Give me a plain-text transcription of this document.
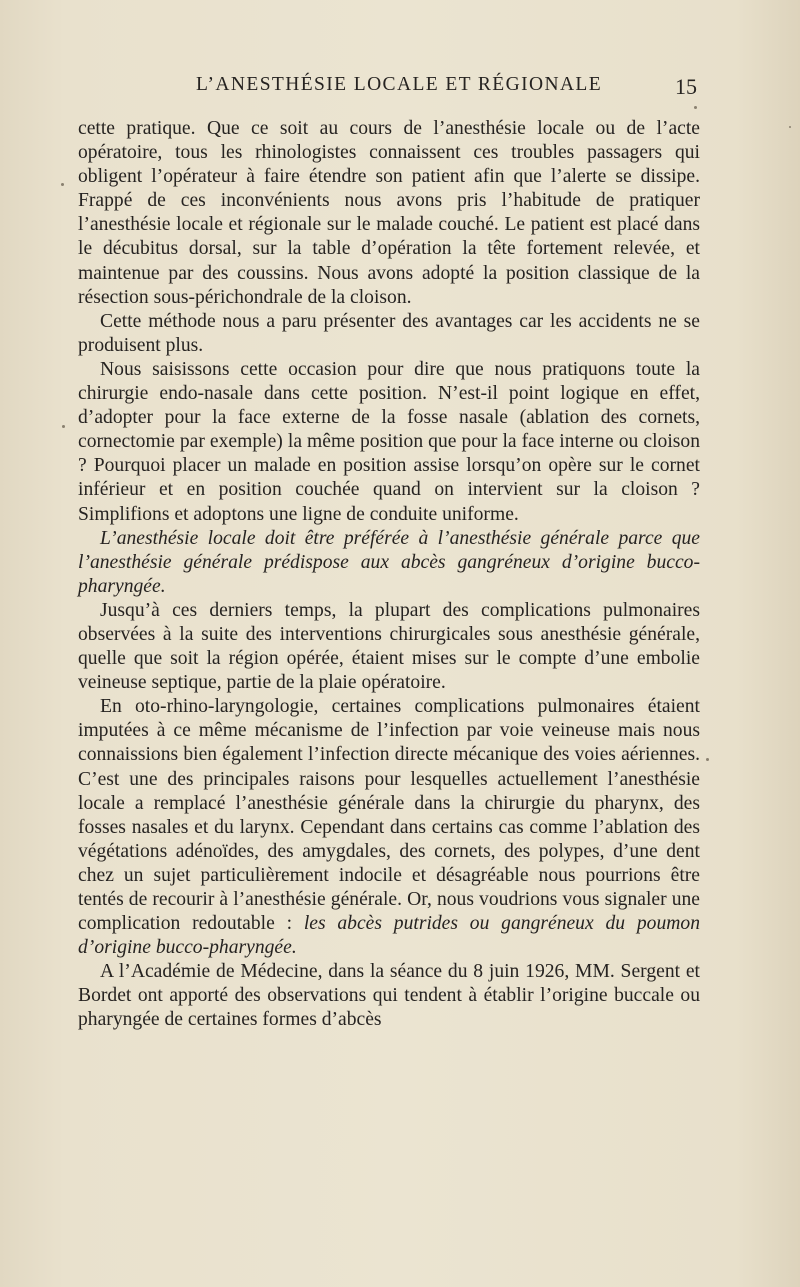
L’ANESTHÉSIE LOCALE ET RÉGIONALE	15

cette pratique. Que ce soit au cours de l’anesthésie locale ou de l’acte opératoire, tous les rhinologistes connaissent ces troubles passagers qui obligent l’opérateur à faire étendre son patient afin que l’alerte se dissipe. Frappé de ces inconvénients nous avons pris l’habitude de pratiquer l’anesthésie locale et régionale sur le malade couché. Le patient est placé dans le décubitus dorsal, sur la table d’opération la tête fortement relevée, et maintenue par des coussins. Nous avons adopté la position classique de la résection sous-périchondrale de la cloison.

Cette méthode nous a paru présenter des avantages car les accidents ne se produisent plus.

Nous saisissons cette occasion pour dire que nous pratiquons toute la chirurgie endo-nasale dans cette position. N’est-il point logique en effet, d’adopter pour la face externe de la fosse nasale (ablation des cornets, cornectomie par exemple) la même position que pour la face interne ou cloison ? Pourquoi placer un malade en position assise lorsqu’on opère sur le cornet inférieur et en position couchée quand on intervient sur la cloison ? Simplifions et adoptons une ligne de conduite uniforme.

L’anesthésie locale doit être préférée à l’anesthésie générale parce que l’anesthésie générale prédispose aux abcès gangréneux d’origine bucco-pharyngée.

Jusqu’à ces derniers temps, la plupart des complications pulmonaires observées à la suite des interventions chirurgicales sous anesthésie générale, quelle que soit la région opérée, étaient mises sur le compte d’une embolie veineuse septique, partie de la plaie opératoire.

En oto-rhino-laryngologie, certaines complications pulmonaires étaient imputées à ce même mécanisme de l’infection par voie veineuse mais nous connaissions bien également l’infection directe mécanique des voies aériennes. C’est une des principales raisons pour lesquelles actuellement l’anesthésie locale a remplacé l’anesthésie générale dans la chirurgie du pharynx, des fosses nasales et du larynx. Cependant dans certains cas comme l’ablation des végétations adénoïdes, des amygdales, des cornets, des polypes, d’une dent chez un sujet particulièrement indocile et désagréable nous pourrions être tentés de recourir à l’anesthésie générale. Or, nous voudrions vous signaler une complication redoutable : les abcès putrides ou gangréneux du poumon d’origine bucco-pharyngée.

A l’Académie de Médecine, dans la séance du 8 juin 1926, MM. Sergent et Bordet ont apporté des observations qui tendent à établir l’origine buccale ou pharyngée de certaines formes d’abcès
